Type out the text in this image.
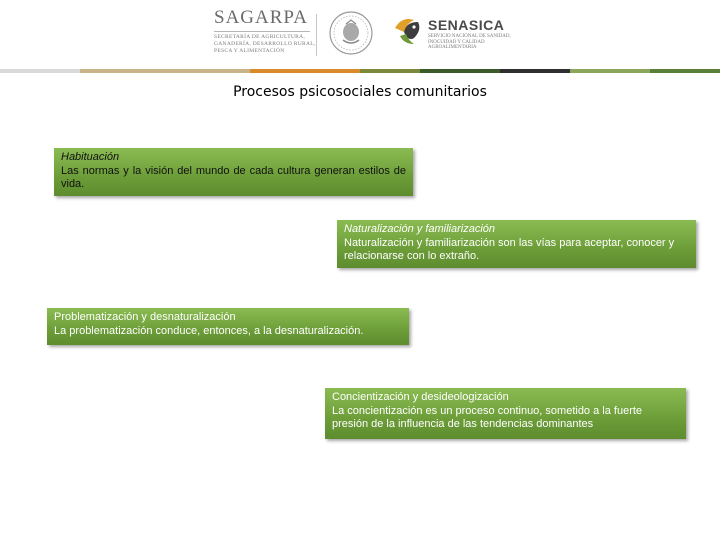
SAGARPA
SECRETARÍA DE AGRICULTURA,
GANADERÍA, DESARROLLO RURAL,
PESCA Y ALIMENTACIÓN
SENASICA
SERVICIO NACIONAL DE SANIDAD,
INOCUIDAD Y CALIDAD
AGROALIMENTARIA
Procesos psicosociales comunitarios
Habituación
Las normas y la visión del mundo de cada cultura generan estilos de vida.
Naturalización y familiarización
Naturalización y familiarización son las vías para aceptar, conocer y relacionarse con lo extraño.
Problematización y desnaturalización
La problematización conduce, entonces, a la desnaturalización.
Concientización y desideologización
La concientización es un proceso continuo, sometido a la fuerte presión de la influencia de las tendencias dominantes
